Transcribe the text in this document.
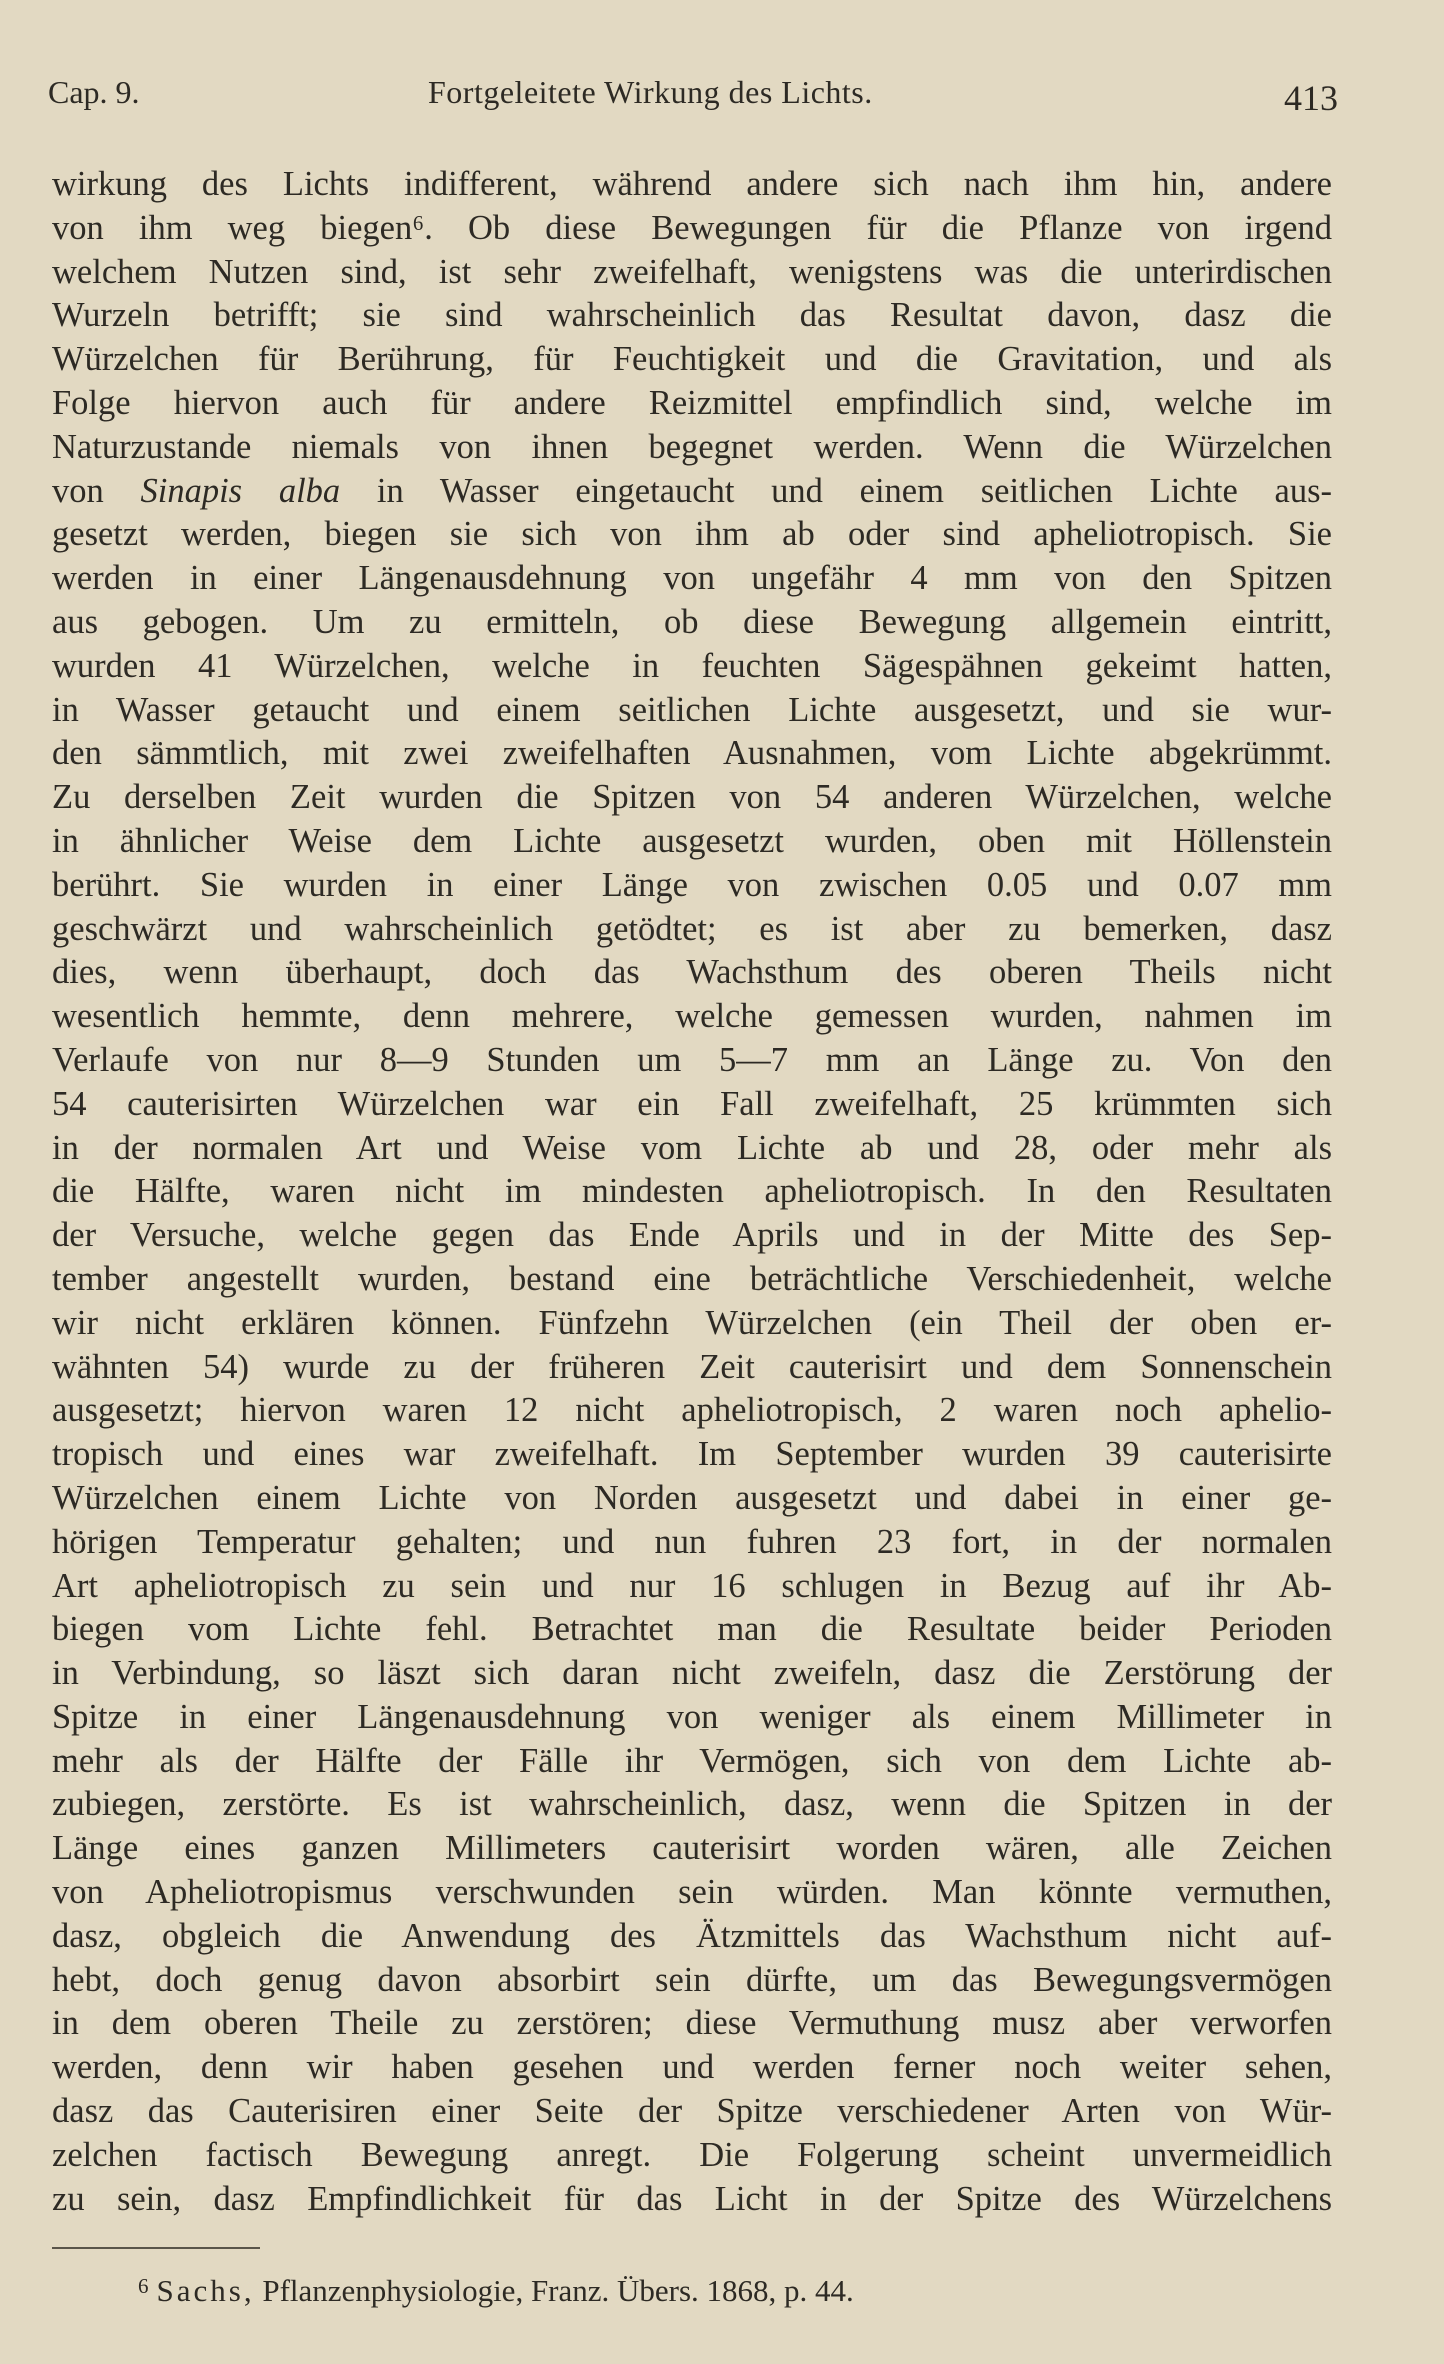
Cap. 9.	Fortgeleitete Wirkung des Lichts.	413
wirkung des Lichts indifferent, während andere sich nach ihm hin, andere
von ihm weg biegen⁶. Ob diese Bewegungen für die Pflanze von irgend
welchem Nutzen sind, ist sehr zweifelhaft, wenigstens was die unterirdischen
Wurzeln betrifft; sie sind wahrscheinlich das Resultat davon, dasz die
Würzelchen für Berührung, für Feuchtigkeit und die Gravitation, und als
Folge hiervon auch für andere Reizmittel empfindlich sind, welche im
Naturzustande niemals von ihnen begegnet werden. Wenn die Würzelchen
von Sinapis alba in Wasser eingetaucht und einem seitlichen Lichte aus-
gesetzt werden, biegen sie sich von ihm ab oder sind apheliotropisch. Sie
werden in einer Längenausdehnung von ungefähr 4 mm von den Spitzen
aus gebogen. Um zu ermitteln, ob diese Bewegung allgemein eintritt,
wurden 41 Würzelchen, welche in feuchten Sägespähnen gekeimt hatten,
in Wasser getaucht und einem seitlichen Lichte ausgesetzt, und sie wur-
den sämmtlich, mit zwei zweifelhaften Ausnahmen, vom Lichte abgekrümmt.
Zu derselben Zeit wurden die Spitzen von 54 anderen Würzelchen, welche
in ähnlicher Weise dem Lichte ausgesetzt wurden, oben mit Höllenstein
berührt. Sie wurden in einer Länge von zwischen 0.05 und 0.07 mm
geschwärzt und wahrscheinlich getödtet; es ist aber zu bemerken, dasz
dies, wenn überhaupt, doch das Wachsthum des oberen Theils nicht
wesentlich hemmte, denn mehrere, welche gemessen wurden, nahmen im
Verlaufe von nur 8—9 Stunden um 5—7 mm an Länge zu. Von den
54 cauterisirten Würzelchen war ein Fall zweifelhaft, 25 krümmten sich
in der normalen Art und Weise vom Lichte ab und 28, oder mehr als
die Hälfte, waren nicht im mindesten apheliotropisch. In den Resultaten
der Versuche, welche gegen das Ende Aprils und in der Mitte des Sep-
tember angestellt wurden, bestand eine beträchtliche Verschiedenheit, welche
wir nicht erklären können. Fünfzehn Würzelchen (ein Theil der oben er-
wähnten 54) wurde zu der früheren Zeit cauterisirt und dem Sonnenschein
ausgesetzt; hiervon waren 12 nicht apheliotropisch, 2 waren noch aphelio-
tropisch und eines war zweifelhaft. Im September wurden 39 cauterisirte
Würzelchen einem Lichte von Norden ausgesetzt und dabei in einer ge-
hörigen Temperatur gehalten; und nun fuhren 23 fort, in der normalen
Art apheliotropisch zu sein und nur 16 schlugen in Bezug auf ihr Ab-
biegen vom Lichte fehl. Betrachtet man die Resultate beider Perioden
in Verbindung, so läszt sich daran nicht zweifeln, dasz die Zerstörung der
Spitze in einer Längenausdehnung von weniger als einem Millimeter in
mehr als der Hälfte der Fälle ihr Vermögen, sich von dem Lichte ab-
zubiegen, zerstörte. Es ist wahrscheinlich, dasz, wenn die Spitzen in der
Länge eines ganzen Millimeters cauterisirt worden wären, alle Zeichen
von Apheliotropismus verschwunden sein würden. Man könnte vermuthen,
dasz, obgleich die Anwendung des Ätzmittels das Wachsthum nicht auf-
hebt, doch genug davon absorbirt sein dürfte, um das Bewegungsvermögen
in dem oberen Theile zu zerstören; diese Vermuthung musz aber verworfen
werden, denn wir haben gesehen und werden ferner noch weiter sehen,
dasz das Cauterisiren einer Seite der Spitze verschiedener Arten von Wür-
zelchen factisch Bewegung anregt. Die Folgerung scheint unvermeidlich
zu sein, dasz Empfindlichkeit für das Licht in der Spitze des Würzelchens
$^6$ Sachs, Pflanzenphysiologie, Franz. Übers. 1868, p. 44.
